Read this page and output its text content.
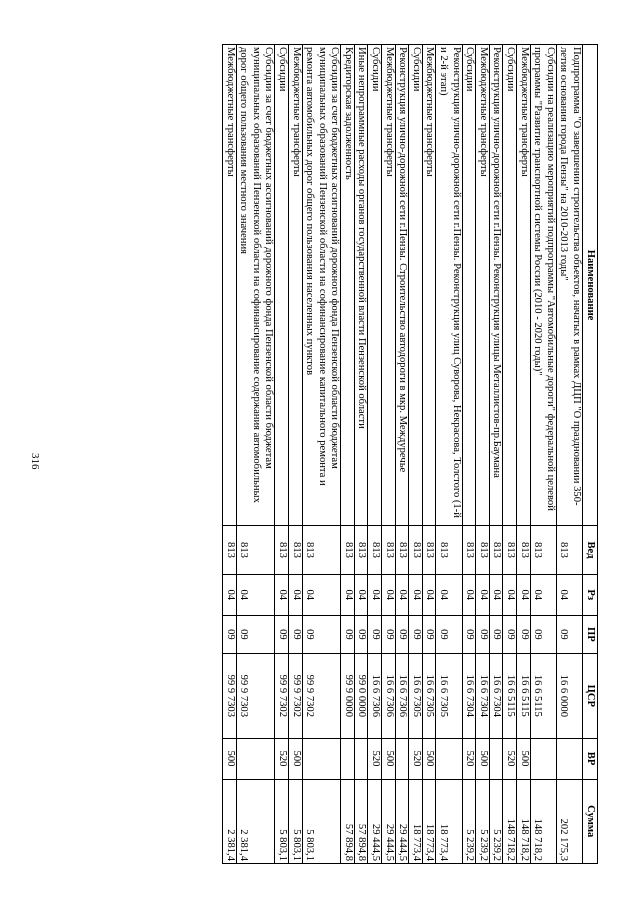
316
Наименование	Вед	Рз	ПР	ЦСР	ВР	Сумма
Подпрограмма "О завершении строительства объектов, начатых в рамках ДЦП "О праздновании 350-летия основания города Пензы" на 2010-2013 годы"	813	04	09	16 6 0000		202 175,3
Субсидии на реализацию мероприятий подпрограммы "Автомобильные дороги" федеральной целевой программы "Развитие транспортной системы России (2010 - 2020 годы)"	813	04	09	16 6 5115		148 718,2
Межбюджетные трансферты	813	04	09	16 6 5115	500	148 718,2
Субсидии	813	04	09	16 6 5115	520	148 718,2
Реконструкция улично-дорожной сети г.Пензы. Реконструкция улицы Металлистов-пр.Баумана	813	04	09	16 6 7304		5 239,2
Межбюджетные трансферты	813	04	09	16 6 7304	500	5 239,2
Субсидии	813	04	09	16 6 7304	520	5 239,2
Реконструкция улично-дорожной сети г.Пензы. Реконструкция улиц Суворова, Некрасова, Толстого (1-й и 2-й этап)	813	04	09	16 6 7305		18 773,4
Межбюджетные трансферты	813	04	09	16 6 7305	500	18 773,4
Субсидии	813	04	09	16 6 7305	520	18 773,4
Реконструкция улично-дорожной сети г.Пензы. Строительство автодороги в мкр. Междуречье	813	04	09	16 6 7306		29 444,5
Межбюджетные трансферты	813	04	09	16 6 7306	500	29 444,5
Субсидии	813	04	09	16 6 7306	520	29 444,5
Иные непрограммные расходы органов государственной власти Пензенской области	813	04	09	99 0 0000		57 894,8
Кредиторская задолженность	813	04	09	99 9 0000		57 894,8
Субсидии за счет бюджетных ассигнований дорожного фонда Пензенской области бюджетам муниципальных образований Пензенской области на софинансирование капитального ремонта и ремонта автомобильных дорог общего пользования населенных пунктов	813	04	09	99 9 7302		5 803,1
Межбюджетные трансферты	813	04	09	99 9 7302	500	5 803,1
Субсидии	813	04	09	99 9 7302	520	5 803,1
Субсидии за счет бюджетных ассигнований дорожного фонда Пензенской области бюджетам муниципальных образований Пензенской области на софинансирование содержания автомобильных дорог общего пользования местного значения	813	04	09	99 9 7303		2 381,4
Межбюджетные трансферты	813	04	09	99 9 7303	500	2 381,4
